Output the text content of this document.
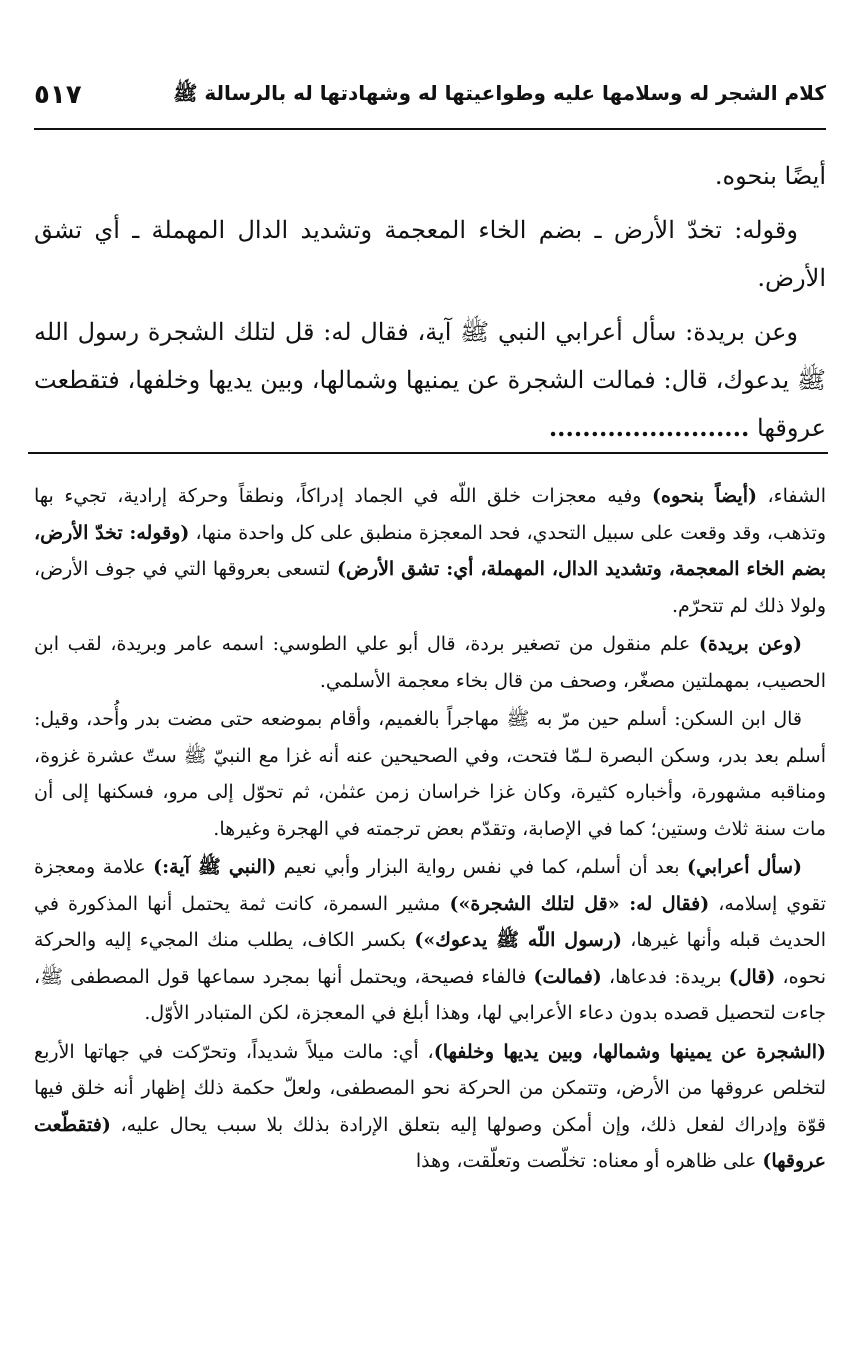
كلام الشجر له وسلامها عليه وطواعيتها له وشهادتها له بالرسالة ﷺ
٥١٧

أيضًا بنحوه.

وقوله: تخدّ الأرض ـ بضم الخاء المعجمة وتشديد الدال المهملة ـ أي تشق الأرض.

وعن بريدة: سأل أعرابي النبي ﷺ آية، فقال له: قل لتلك الشجرة رسول الله ﷺ يدعوك، قال: فمالت الشجرة عن يمنيها وشمالها، وبين يديها وخلفها، فتقطعت عروقها ........................

الشفاء، (أيضاً بنحوه) وفيه معجزات خلق اللّه في الجماد إدراكاً، ونطقاً وحركة إرادية، تجيء بها وتذهب، وقد وقعت على سبيل التحدي، فحد المعجزة منطبق على كل واحدة منها، (وقوله: تخدّ الأرض، بضم الخاء المعجمة، وتشديد الدال، المهملة، أي: تشق الأرض) لتسعى بعروقها التي في جوف الأرض، ولولا ذلك لم تتحرّم.

(وعن بريدة) علم منقول من تصغير بردة، قال أبو علي الطوسي: اسمه عامر وبريدة، لقب ابن الحصيب، بمهملتين مصغّر، وصحف من قال بخاء معجمة الأسلمي.

قال ابن السكن: أسلم حين مرّ به ﷺ مهاجراً بالغميم، وأقام بموضعه حتى مضت بدر وأُحد، وقيل: أسلم بعد بدر، وسكن البصرة لـمّا فتحت، وفي الصحيحين عنه أنه غزا مع النبيّ ﷺ ستّ عشرة غزوة، ومناقبه مشهورة، وأخباره كثيرة، وكان غزا خراسان زمن عثمٰن، ثم تحوّل إلى مرو، فسكنها إلى أن مات سنة ثلاث وستين؛ كما في الإصابة، وتقدّم بعض ترجمته في الهجرة وغيرها.

(سأل أعرابي) بعد أن أسلم، كما في نفس رواية البزار وأبي نعيم (النبي ﷺ آية:) علامة ومعجزة تقوي إسلامه، (فقال له: «قل لتلك الشجرة») مشير السمرة، كانت ثمة يحتمل أنها المذكورة في الحديث قبله وأنها غيرها، (رسول اللّه ﷺ يدعوك») بكسر الكاف، يطلب منك المجيء إليه والحركة نحوه، (قال) بريدة: فدعاها، (فمالت) فالفاء فصيحة، ويحتمل أنها بمجرد سماعها قول المصطفى ﷺ، جاءت لتحصيل قصده بدون دعاء الأعرابي لها، وهذا أبلغ في المعجزة، لكن المتبادر الأوّل.

(الشجرة عن يمينها وشمالها، وبين يديها وخلفها)، أي: مالت ميلاً شديداً، وتحرّكت في جهاتها الأربع لتخلص عروقها من الأرض، وتتمكن من الحركة نحو المصطفى، ولعلّ حكمة ذلك إظهار أنه خلق فيها قوّة وإدراك لفعل ذلك، وإن أمكن وصولها إليه بتعلق الإرادة بذلك بلا سبب يحال عليه، (فتقطّعت عروقها) على ظاهره أو معناه: تخلّصت وتعلّقت، وهذا
